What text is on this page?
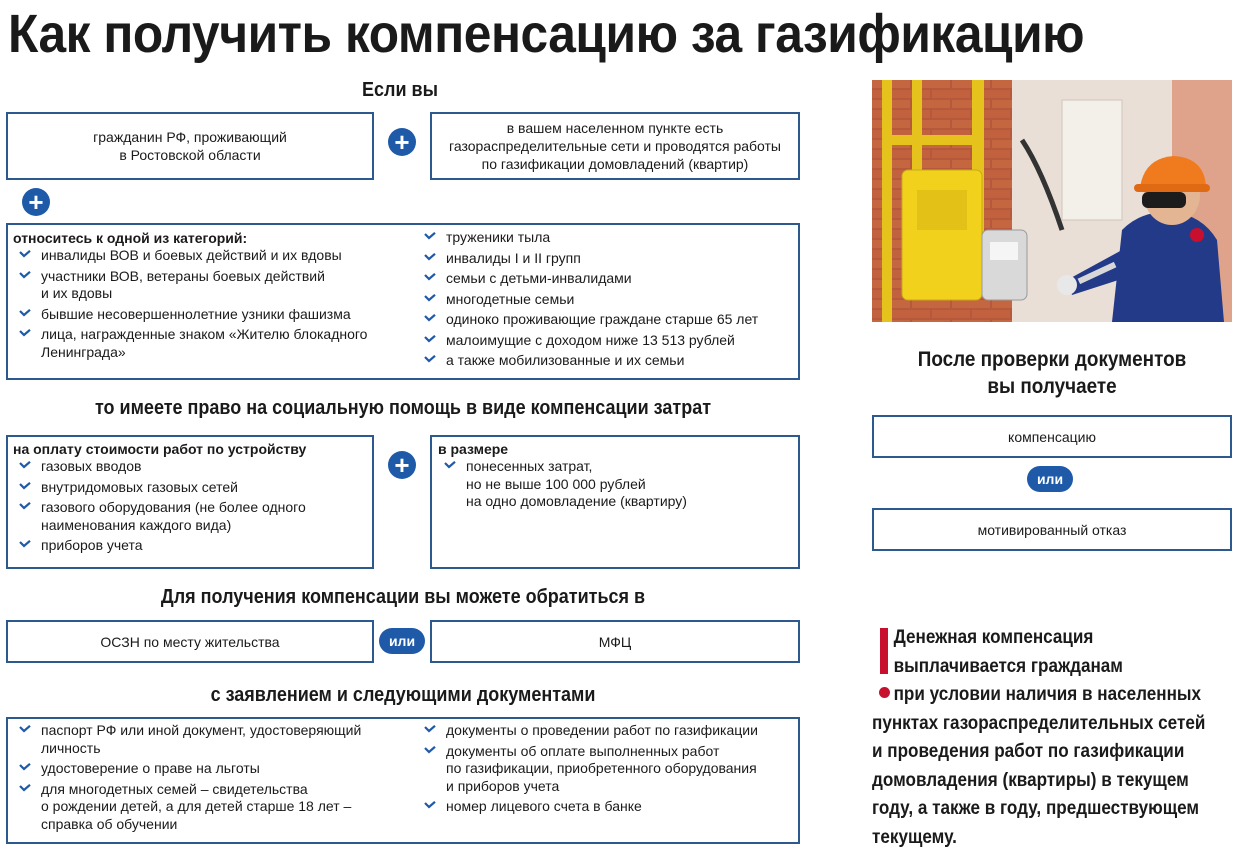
Как получить компенсацию за газификацию
Если вы
гражданин РФ, проживающий
в Ростовской области	+	в вашем населенном пункте есть
газораспределительные сети и проводятся работы
по газификации домовладений (квартир)
+
относитесь к одной из категорий:
инвалиды ВОВ и боевых действий и их вдовы
участники ВОВ, ветераны боевых действий
и их вдовы
бывшие несовершеннолетние узники фашизма
лица, награжденные знаком «Жителю блокадного
Ленинграда»
труженики тыла
инвалиды I и II групп
семьи с детьми-инвалидами
многодетные семьи
одиноко проживающие граждане старше 65 лет
малоимущие с доходом ниже 13 513 рублей
а также мобилизованные и их семьи
то имеете право на социальную помощь в виде компенсации затрат
на оплату стоимости работ по устройству
газовых вводов
внутридомовых газовых сетей
газового оборудования (не более одного
наименования каждого вида)
приборов учета
+
в размере
понесенных затрат,
но не выше 100 000 рублей
на одно домовладение (квартиру)
Для получения компенсации вы можете обратиться в
ОСЗН по месту жительства	или	МФЦ
с заявлением и следующими документами
паспорт РФ или иной документ, удостоверяющий
личность
удостоверение о праве на льготы
для многодетных семей – свидетельства
о рождении детей, а для детей старше 18 лет –
справка об обучении
документы о проведении работ по газификации
документы об оплате выполненных работ
по газификации, приобретенного оборудования
и приборов учета
номер лицевого счета в банке
После проверки документов
вы получаете
компенсацию
или
мотивированный отказ
Денежная компенсация
выплачивается гражданам
при условии наличия в населенных
пунктах газораспределительных сетей
и проведения работ по газификации
домовладения (квартиры) в текущем
году, а также в году, предшествующем
текущему.
